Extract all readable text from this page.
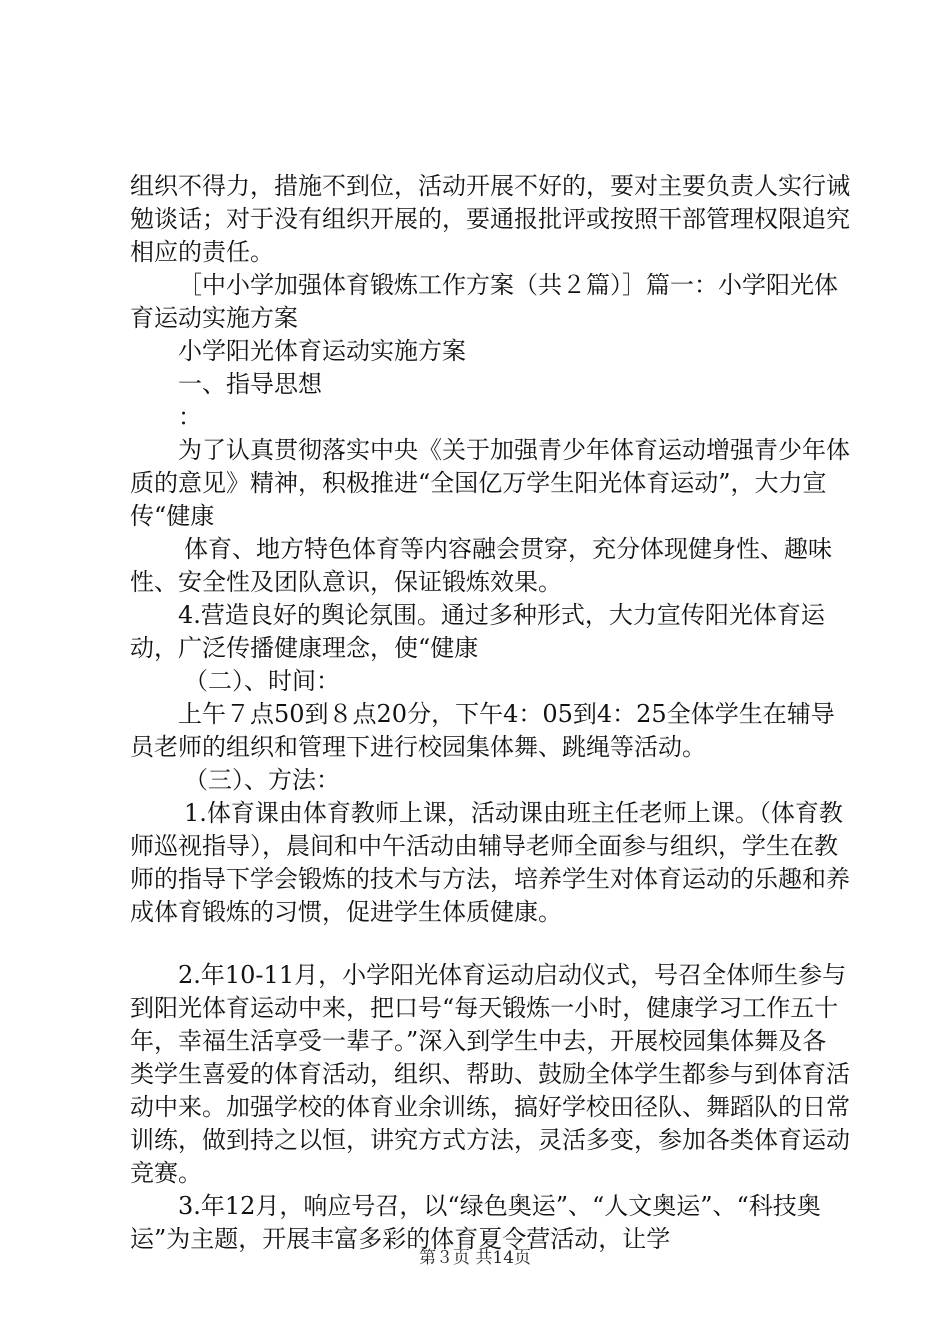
组织不得力，措施不到位，活动开展不好的，要对主要负责人实行诫勉谈话；对于没有组织开展的，要通报批评或按照干部管理权限追究相应的责任。

［中小学加强体育锻炼工作方案（共２篇）］篇一：小学阳光体育运动实施方案

小学阳光体育运动实施方案

一、指导思想

：

为了认真贯彻落实中央《关于加强青少年体育运动增强青少年体质的意见》精神，积极推进“全国亿万学生阳光体育运动”，大力宣传“健康

体育、地方特色体育等内容融会贯穿，充分体现健身性、趣味性、安全性及团队意识，保证锻炼效果。

4.营造良好的舆论氛围。通过多种形式，大力宣传阳光体育运动，广泛传播健康理念，使“健康

（二）、时间：

上午７点50到８点20分，下午4：05到4：25全体学生在辅导员老师的组织和管理下进行校园集体舞、跳绳等活动。

（三）、方法：

1.体育课由体育教师上课，活动课由班主任老师上课。（体育教师巡视指导），晨间和中午活动由辅导老师全面参与组织，学生在教师的指导下学会锻炼的技术与方法，培养学生对体育运动的乐趣和养成体育锻炼的习惯，促进学生体质健康。

2.年10-11月，小学阳光体育运动启动仪式，号召全体师生参与到阳光体育运动中来，把口号“每天锻炼一小时，健康学习工作五十年，幸福生活享受一辈子。”深入到学生中去，开展校园集体舞及各类学生喜爱的体育活动，组织、帮助、鼓励全体学生都参与到体育活动中来。加强学校的体育业余训练，搞好学校田径队、舞蹈队的日常训练，做到持之以恒，讲究方式方法，灵活多变，参加各类体育运动竞赛。

3.年12月，响应号召，以“绿色奥运”、“人文奥运”、“科技奥运”为主题，开展丰富多彩的体育夏令营活动，让学

第３页 共14页
